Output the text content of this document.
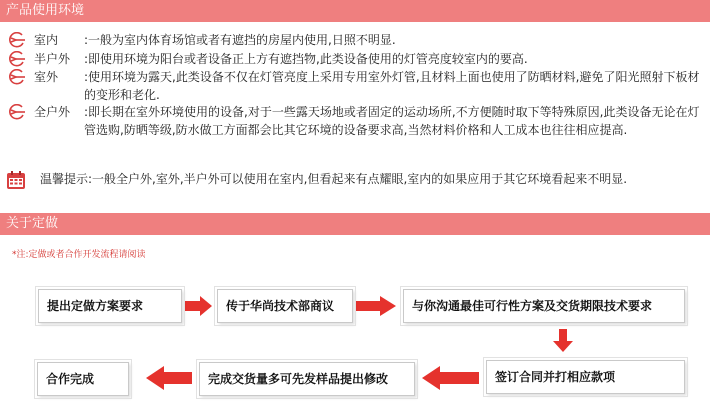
产品使用环境
室内 :一般为室内体育场馆或者有遮挡的房屋内使用,日照不明显.
半户外 :即使用环境为阳台或者设备正上方有遮挡物,此类设备使用的灯管亮度较室内的要高.
室外 :使用环境为露天,此类设备不仅在灯管亮度上采用专用室外灯管,且材料上面也使用了防晒材料,避免了阳光照射下板材的变形和老化.
全户外 :即长期在室外环境使用的设备,对于一些露天场地或者固定的运动场所,不方便随时取下等特殊原因,此类设备无论在灯管选购,防晒等级,防水做工方面都会比其它环境的设备要求高,当然材料价格和人工成本也往往相应提高.
温馨提示:一般全户外,室外,半户外可以使用在室内,但看起来有点耀眼,室内的如果应用于其它环境看起来不明显.
关于定做
*注:定做或者合作开发流程请阅读
提出定做方案要求	传于华尚技术部商议	与你沟通最佳可行性方案及交货期限技术要求
签订合同并打相应款项
完成交货量多可先发样品提出修改
合作完成
